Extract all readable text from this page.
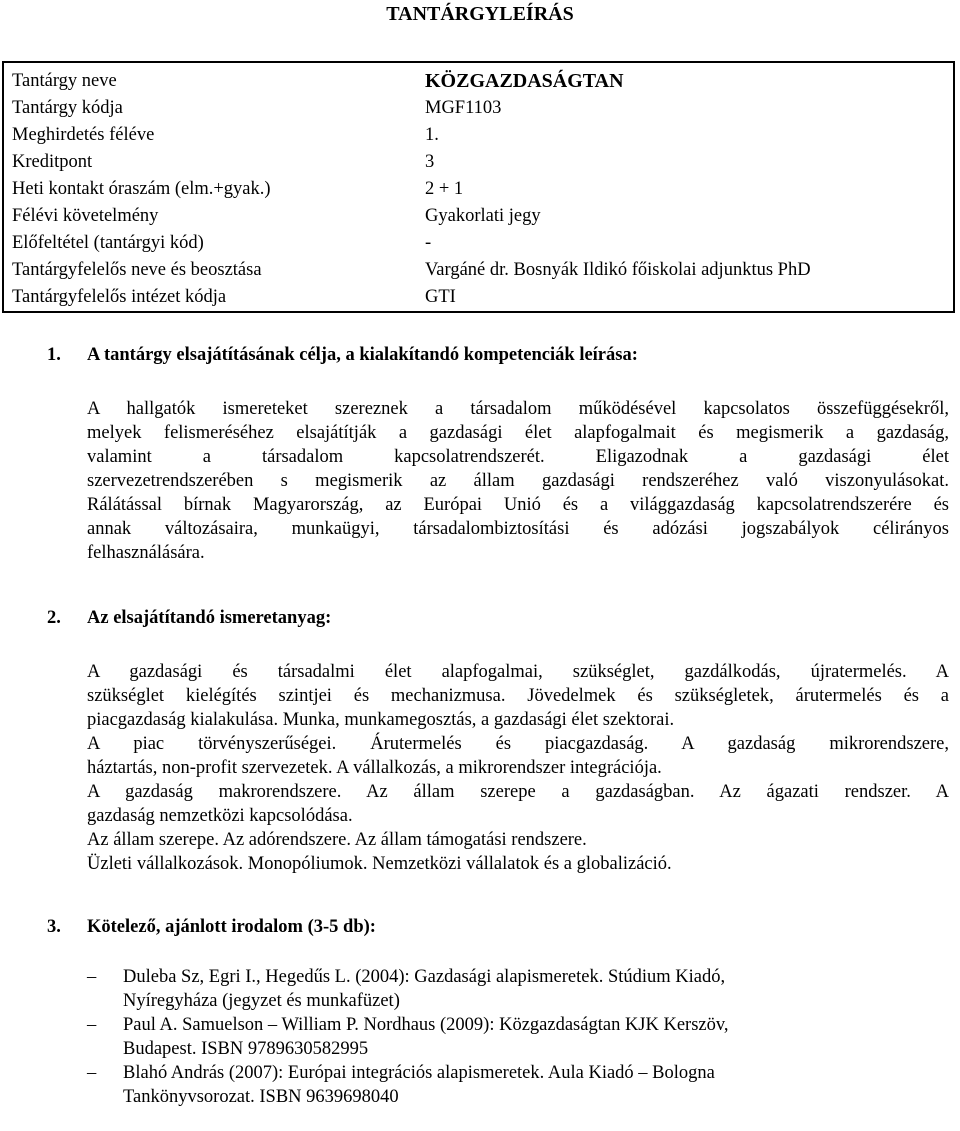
TANTÁRGYLEÍRÁS
Tantárgy neve	KÖZGAZDASÁGTAN
Tantárgy kódja	MGF1103
Meghirdetés féléve	1.
Kreditpont	3
Heti kontakt óraszám (elm.+gyak.)	2 + 1
Félévi követelmény	Gyakorlati jegy
Előfeltétel (tantárgyi kód)	-
Tantárgyfelelős neve és beosztása	Vargáné dr. Bosnyák Ildikó főiskolai adjunktus PhD
Tantárgyfelelős intézet kódja	GTI
1. A tantárgy elsajátításának célja, a kialakítandó kompetenciák leírása:
A hallgatók ismereteket szereznek a társadalom működésével kapcsolatos összefüggésekről,
melyek felismeréséhez elsajátítják a gazdasági élet alapfogalmait és megismerik a gazdaság,
valamint a társadalom kapcsolatrendszerét. Eligazodnak a gazdasági élet
szervezetrendszerében s megismerik az állam gazdasági rendszeréhez való viszonyulásokat.
Rálátással bírnak Magyarország, az Európai Unió és a világgazdaság kapcsolatrendszerére és
annak változásaira, munkaügyi, társadalombiztosítási és adózási jogszabályok célirányos
felhasználására.
2. Az elsajátítandó ismeretanyag:
A gazdasági és társadalmi élet alapfogalmai, szükséglet, gazdálkodás, újratermelés. A
szükséglet kielégítés szintjei és mechanizmusa. Jövedelmek és szükségletek, árutermelés és a
piacgazdaság kialakulása. Munka, munkamegosztás, a gazdasági élet szektorai.
A piac törvényszerűségei. Árutermelés és piacgazdaság. A gazdaság mikrorendszere,
háztartás, non-profit szervezetek. A vállalkozás, a mikrorendszer integrációja.
A gazdaság makrorendszere. Az állam szerepe a gazdaságban. Az ágazati rendszer. A
gazdaság nemzetközi kapcsolódása.
Az állam szerepe. Az adórendszere. Az állam támogatási rendszere.
Üzleti vállalkozások. Monopóliumok. Nemzetközi vállalatok és a globalizáció.
3. Kötelező, ajánlott irodalom (3-5 db):
–	Duleba Sz, Egri I., Hegedűs L. (2004): Gazdasági alapismeretek. Stúdium Kiadó,
Nyíregyháza (jegyzet és munkafüzet)
–	Paul A. Samuelson – William P. Nordhaus (2009): Közgazdaságtan KJK Kerszöv,
Budapest. ISBN 9789630582995
–	Blahó András (2007): Európai integrációs alapismeretek. Aula Kiadó – Bologna
Tankönyvsorozat. ISBN 9639698040
